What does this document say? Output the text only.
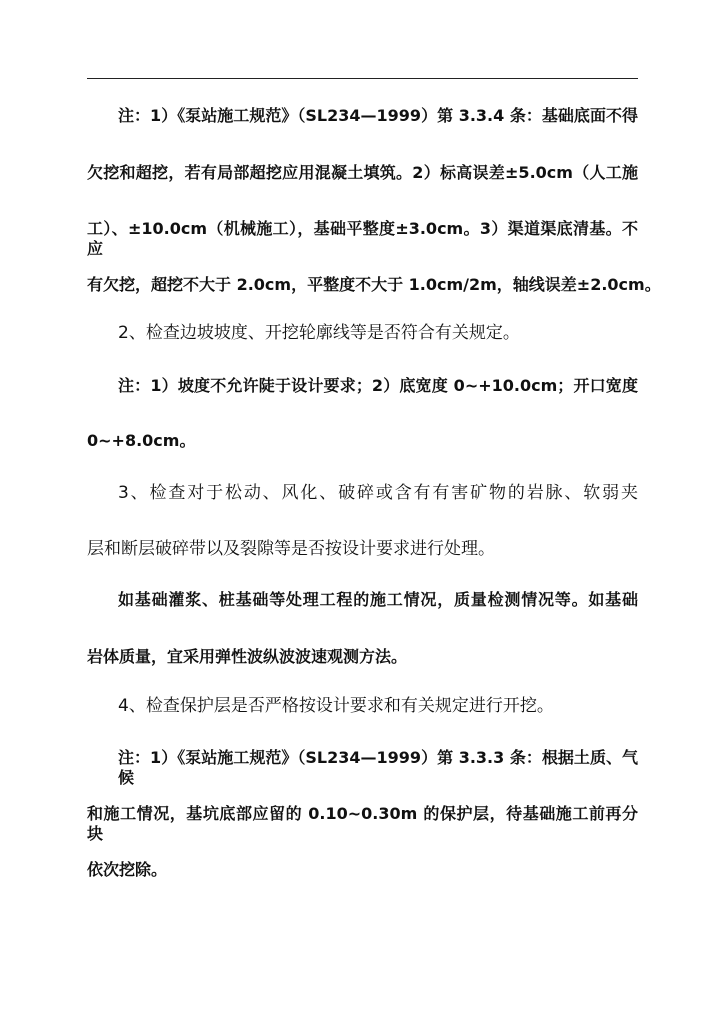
注：1）《泵站施工规范》（SL234—1999）第 3.3.4 条：基础底面不得
欠挖和超挖，若有局部超挖应用混凝土填筑。2）标高误差±5.0cm（人工施
工）、±10.0cm（机械施工），基础平整度±3.0cm。3）渠道渠底清基。不应
有欠挖，超挖不大于 2.0cm，平整度不大于 1.0cm/2m，轴线误差±2.0cm。
2、检查边坡坡度、开挖轮廓线等是否符合有关规定。
注：1）坡度不允许陡于设计要求；2）底宽度 0~+10.0cm；开口宽度
0~+8.0cm。
3、检查对于松动、风化、破碎或含有有害矿物的岩脉、软弱夹
层和断层破碎带以及裂隙等是否按设计要求进行处理。
如基础灌浆、桩基础等处理工程的施工情况，质量检测情况等。如基础
岩体质量，宜采用弹性波纵波波速观测方法。
4、检查保护层是否严格按设计要求和有关规定进行开挖。
注：1）《泵站施工规范》（SL234—1999）第 3.3.3 条：根据土质、气候
和施工情况，基坑底部应留的 0.10~0.30m 的保护层，待基础施工前再分块
依次挖除。
